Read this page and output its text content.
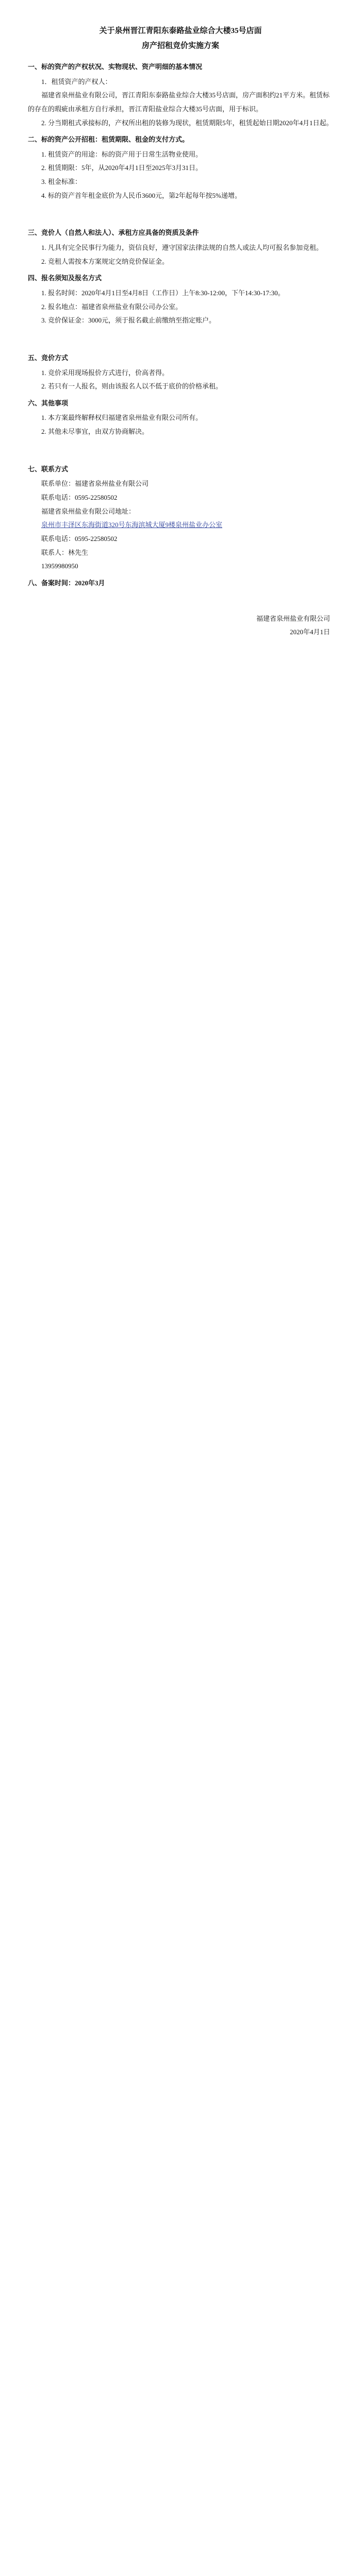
关于泉州晋江青阳东泰路盐业综合大楼35号店面

房产招租竞价实施方案

一、标的资产的产权状况、实物现状、资产明细的基本情况

1．租赁资产的产权人：

福建省泉州盐业有限公司，晋江青阳东泰路盐业综合大楼35号店面，房产面积约21平方米。租赁标的存在的瑕疵由承租方自行承担，晋江青阳盐业综合大楼35号店面，用于标识。

2. 分当期租式承接标的，产权所出租的装修为现状，租赁期限5年，租赁起始日期2020年4月1日起。

二、标的资产公开招租：租赁期限、租金的支付方式。

1. 租赁资产的用途：标的资产用于日常生活物业使用。

2. 租赁期限：5年，从2020年4月1日至2025年3月31日。

3. 租金标准：

4. 标的资产首年租金底价为人民币3600元，第2年起每年按5%递增。

三、竞价人（自然人和法人）、承租方应具备的资质及条件

1. 凡具有完全民事行为能力，资信良好，遵守国家法律法规的自然人或法人均可报名参加竞租。

2. 竞租人需按本方案规定交纳竞价保证金。

四、报名须知及报名方式

1. 报名时间：2020年4月1日至4月8日（工作日）上午8:30-12:00，下午14:30-17:30。

2. 报名地点：福建省泉州盐业有限公司办公室。

3. 竞价保证金：3000元，须于报名截止前缴纳至指定账户。

五、竞价方式

1. 竞价采用现场报价方式进行，价高者得。

2. 若只有一人报名，则由该报名人以不低于底价的价格承租。

六、其他事项

1. 本方案最终解释权归福建省泉州盐业有限公司所有。

2. 其他未尽事宜，由双方协商解决。

七、联系方式

联系单位：福建省泉州盐业有限公司

联系电话：0595-22580502

福建省泉州盐业有限公司地址：

泉州市丰泽区东海街道320号东海滨城大厦9楼泉州盐业办公室

联系电话：0595-22580502

联系人：林先生

13959980950

八、备案时间：2020年3月

福建省泉州盐业有限公司

2020年4月1日
